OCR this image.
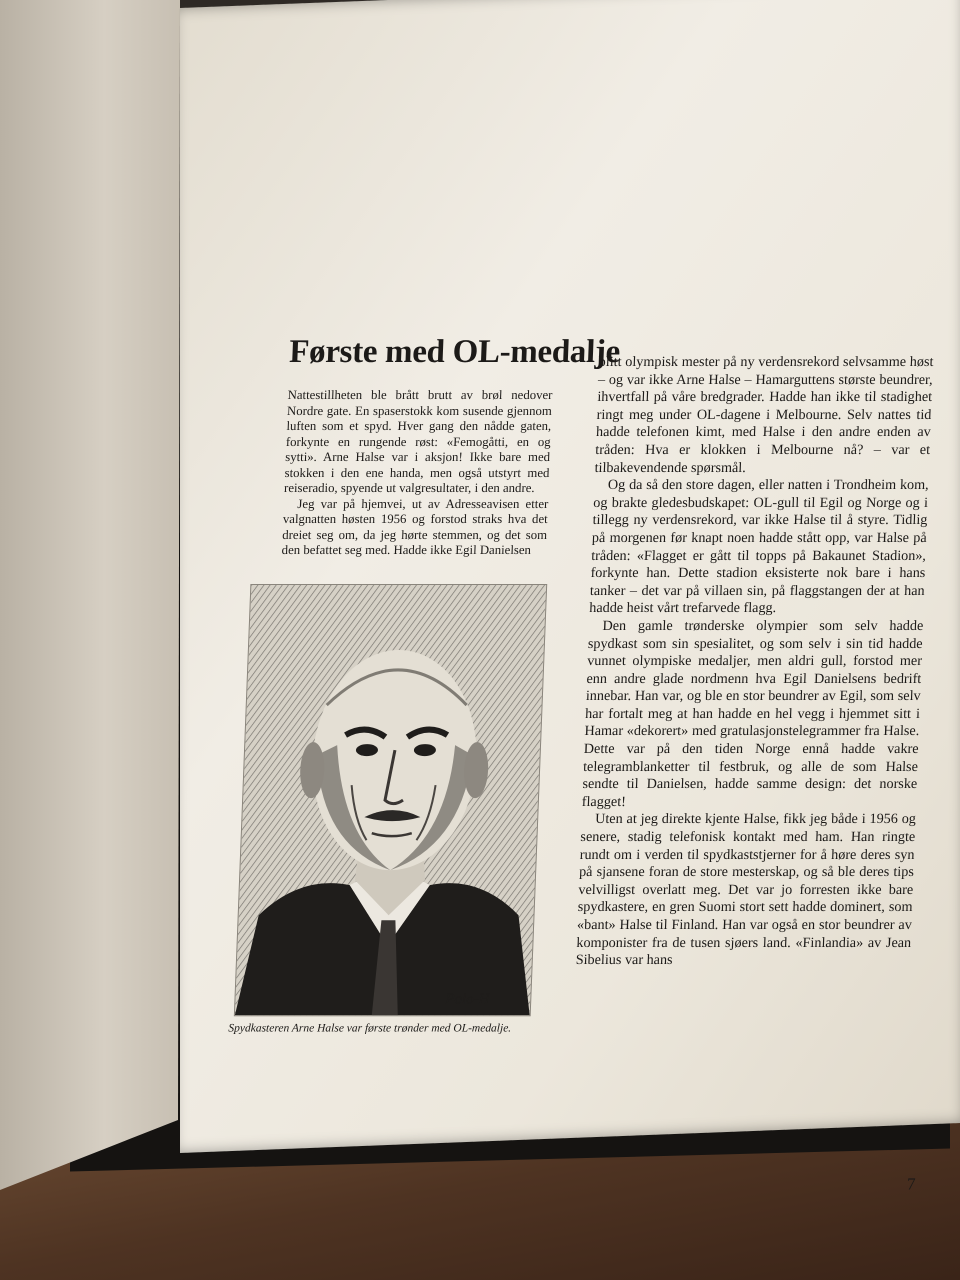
Første med OL-medalje

Nattestillheten ble brått brutt av brøl nedover Nordre gate. En spaserstokk kom susende gjennom luften som et spyd. Hver gang den nådde gaten, forkynte en rungende røst: «Femogåtti, en og sytti». Arne Halse var i aksjon! Ikke bare med stokken i den ene handa, men også utstyrt med reiseradio, spyende ut valgresultater, i den andre.

Jeg var på hjemvei, ut av Adresseavisen etter valgnatten høsten 1956 og forstod straks hva det dreiet seg om, da jeg hørte stemmen, og det som den befattet seg med. Hadde ikke Egil Danielsen

Polo-H
Spydkasteren Arne Halse var første trønder med OL-medalje.

blitt olympisk mester på ny verdensrekord selvsamme høst – og var ikke Arne Halse – Hamarguttens største beundrer, ihvertfall på våre bredgrader. Hadde han ikke til stadighet ringt meg under OL-dagene i Melbourne. Selv nattes tid hadde telefonen kimt, med Halse i den andre enden av tråden: Hva er klokken i Melbourne nå? – var et tilbakevendende spørsmål.

Og da så den store dagen, eller natten i Trondheim kom, og brakte gledesbudskapet: OL-gull til Egil og Norge og i tillegg ny verdensrekord, var ikke Halse til å styre. Tidlig på morgenen før knapt noen hadde stått opp, var Halse på tråden: «Flagget er gått til topps på Bakaunet Stadion», forkynte han. Dette stadion eksisterte nok bare i hans tanker – det var på villaen sin, på flaggstangen der at han hadde heist vårt trefarvede flagg.

Den gamle trønderske olympier som selv hadde spydkast som sin spesialitet, og som selv i sin tid hadde vunnet olympiske medaljer, men aldri gull, forstod mer enn andre glade nordmenn hva Egil Danielsens bedrift innebar. Han var, og ble en stor beundrer av Egil, som selv har fortalt meg at han hadde en hel vegg i hjemmet sitt i Hamar «dekorert» med gratulasjonstelegrammer fra Halse. Dette var på den tiden Norge ennå hadde vakre telegramblanketter til festbruk, og alle de som Halse sendte til Danielsen, hadde samme design: det norske flagget!

Uten at jeg direkte kjente Halse, fikk jeg både i 1956 og senere, stadig telefonisk kontakt med ham. Han ringte rundt om i verden til spydkaststjerner for å høre deres syn på sjansene foran de store mesterskap, og så ble deres tips velvilligst overlatt meg. Det var jo forresten ikke bare spydkastere, en gren Suomi stort sett hadde dominert, som «bant» Halse til Finland. Han var også en stor beundrer av komponister fra de tusen sjøers land. «Finlandia» av Jean Sibelius var hans

7
